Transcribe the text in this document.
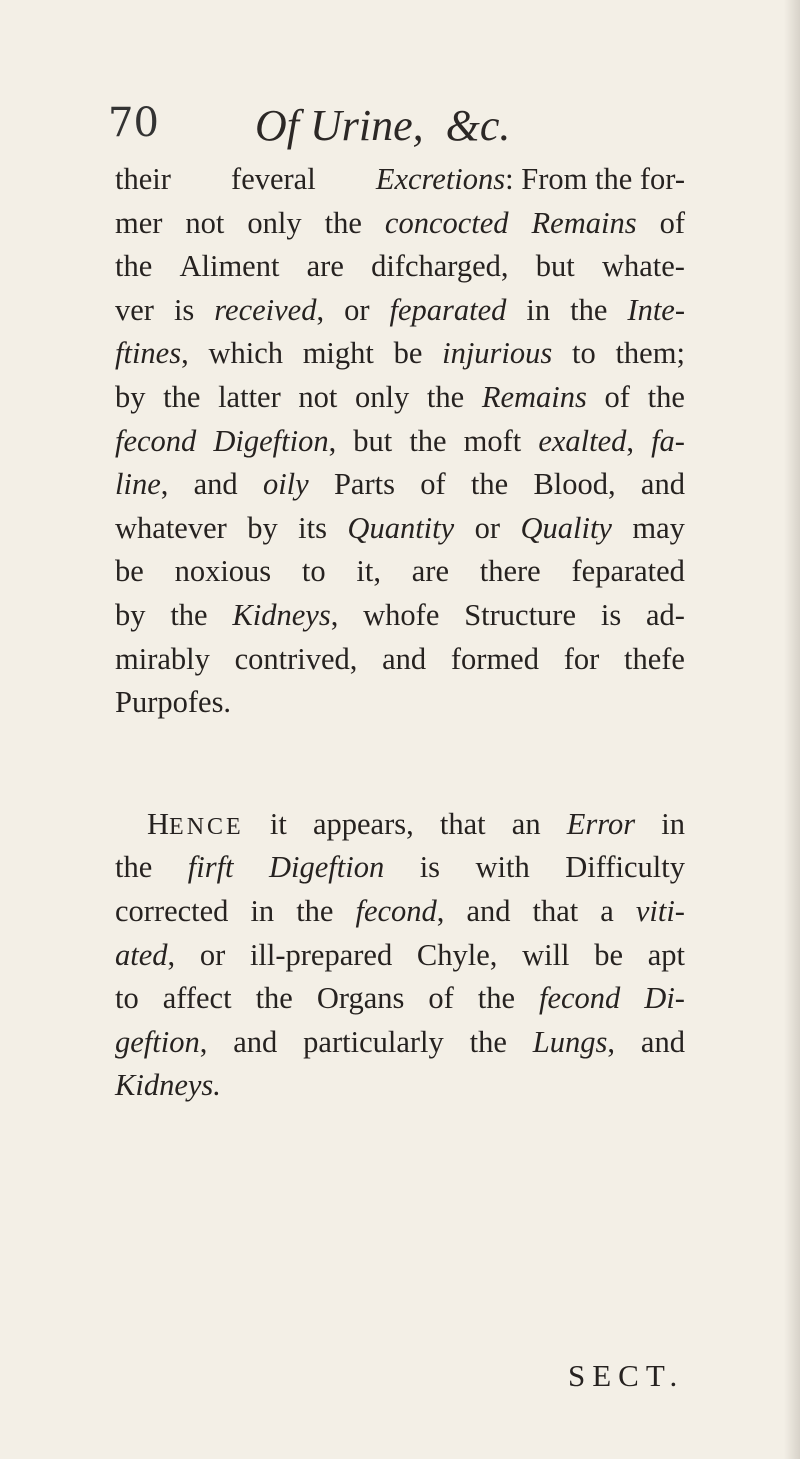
70 Of Urine, &c.
their feveral Excretions: From the for-
mer not only the concocted Remains of
the Aliment are difcharged, but whate-
ver is received, or feparated in the Inte-
ftines, which might be injurious to them;
by the latter not only the Remains of the
fecond Digeftion, but the moft exalted, fa-
line, and oily Parts of the Blood, and
whatever by its Quantity or Quality may
be noxious to it, are there feparated
by the Kidneys, whofe Structure is ad-
mirably contrived, and formed for thefe
Purpofes.
HENCE it appears, that an Error in
the firft Digeftion is with Difficulty
corrected in the fecond, and that a viti-
ated, or ill-prepared Chyle, will be apt
to affect the Organs of the fecond Di-
geftion, and particularly the Lungs, and
Kidneys .
SECT.
